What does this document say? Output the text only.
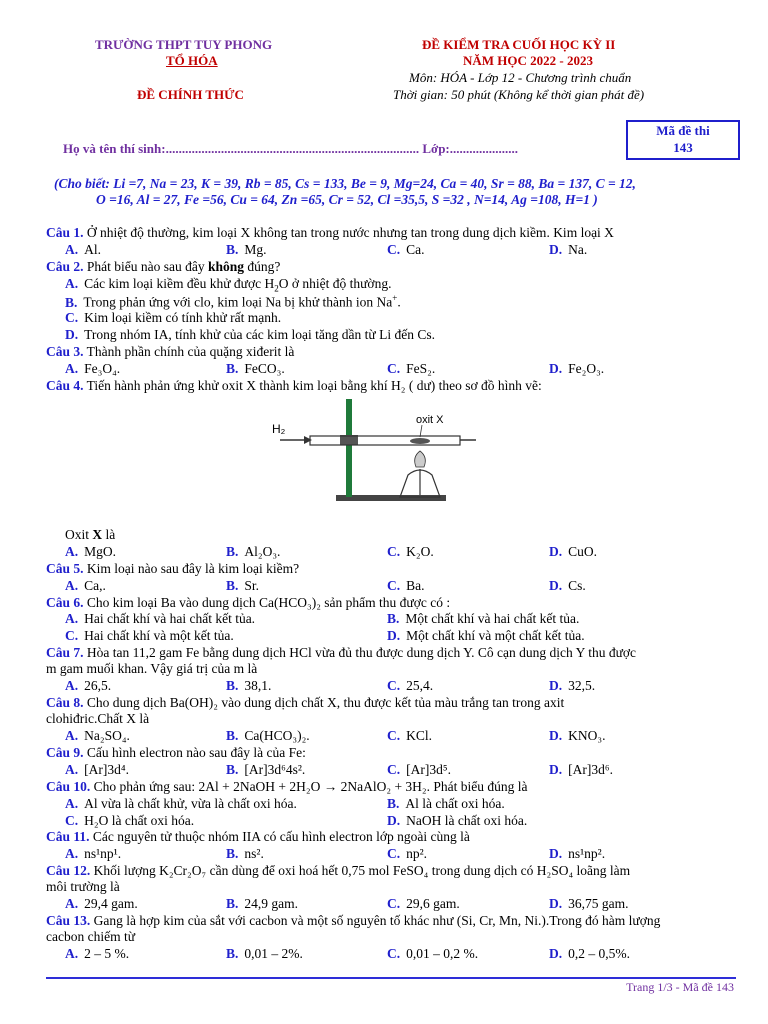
TRƯỜNG THPT TUY PHONG
TỔ HÓA
ĐỀ CHÍNH THỨC
ĐỀ KIỂM TRA CUỐI HỌC KỲ II
NĂM HỌC 2022 - 2023
Môn: HÓA - Lớp 12 - Chương trình chuẩn
Thời gian: 50 phút (Không kể thời gian phát đề)
Mã đề thi
143
Họ và tên thí sinh:.............................................................................. Lớp:.....................
(Cho biết: Li =7, Na = 23, K = 39, Rb = 85, Cs = 133, Be = 9, Mg=24, Ca = 40, Sr = 88, Ba = 137, C = 12,
O =16, Al = 27, Fe =56, Cu = 64, Zn =65, Cr = 52, Cl =35,5, S =32 , N=14, Ag =108, H=1 )
Câu 1. Ở nhiệt độ thường, kim loại X không tan trong nước nhưng tan trong dung dịch kiềm. Kim loại X
A. Al.	B. Mg.	C. Ca.	D. Na.
Câu 2. Phát biểu nào sau đây không đúng?
A. Các kim loại kiềm đều khử được $H_2O$ ở nhiệt độ thường.
B. Trong phản ứng với clo, kim loại Na bị khử thành ion Na+.
C. Kim loại kiềm có tính khử rất mạnh.
D. Trong nhóm IA, tính khử của các kim loại tăng dần từ Li đến Cs.
Câu 3. Thành phần chính của quặng xiđerit là
A. Fe₃O₄.	B. FeCO₃.	C. FeS₂.	D. Fe₂O₃.
Câu 4. Tiến hành phản ứng khử oxit X thành kim loại bằng khí H₂ ( dư) theo sơ đồ hình vẽ:
H₂
oxit X
Oxit X là
A. MgO.	B. Al₂O₃.	C. K₂O.	D. CuO.
Câu 5. Kim loại nào sau đây là kim loại kiềm?
A. Ca,.	B. Sr.	C. Ba.	D. Cs.
Câu 6. Cho kim loại Ba vào dung dịch Ca(HCO₃)₂ sản phẩm thu được có :
A. Hai chất khí và hai chất kết tủa.	B. Một chất khí và hai chất kết tủa.
C. Hai chất khí và một kết tủa.	D. Một chất khí và một chất kết tủa.
Câu 7. Hòa tan 11,2 gam Fe bằng dung dịch HCl vừa đủ thu được dung dịch Y. Cô cạn dung dịch Y thu được
m gam muối khan. Vậy giá trị của m là
A. 26,5.	B. 38,1.	C. 25,4.	D. 32,5.
Câu 8. Cho dung dịch Ba(OH)₂ vào dung dịch chất X, thu được kết tủa màu trắng tan trong axit
clohiđric.Chất X là
A. Na₂SO₄.	B. Ca(HCO₃)₂.	C. KCl.	D. KNO₃.
Câu 9. Cấu hình electron nào sau đây là của Fe:
A. [Ar]3d⁴.	B. [Ar]3d⁶4s².	C. [Ar]3d⁵.	D. [Ar]3d⁶.
Câu 10. Cho phản ứng sau: 2Al + 2NaOH + 2H₂O → 2NaAlO₂ + 3H₂. Phát biểu đúng là
A. Al vừa là chất khử, vừa là chất oxi hóa.	B. Al là chất oxi hóa.
C. H₂O là chất oxi hóa.	D. NaOH là chất oxi hóa.
Câu 11. Các nguyên tử thuộc nhóm IIA có cấu hình electron lớp ngoài cùng là
A. ns¹np¹.	B. ns².	C. np².	D. ns¹np².
Câu 12. Khối lượng K₂Cr₂O₇ cần dùng để oxi hoá hết 0,75 mol FeSO₄ trong dung dịch có H₂SO₄ loãng làm
môi trường là
A. 29,4 gam.	B. 24,9 gam.	C. 29,6 gam.	D. 36,75 gam.
Câu 13. Gang là hợp kim của sắt với cacbon và một số nguyên tố khác như (Si, Cr, Mn, Ni.).Trong đó hàm lượng
cacbon chiếm từ
A. 2 – 5 %.	B. 0,01 – 2%.	C. 0,01 – 0,2 %.	D. 0,2 – 0,5%.
Trang 1/3 - Mã đề 143
